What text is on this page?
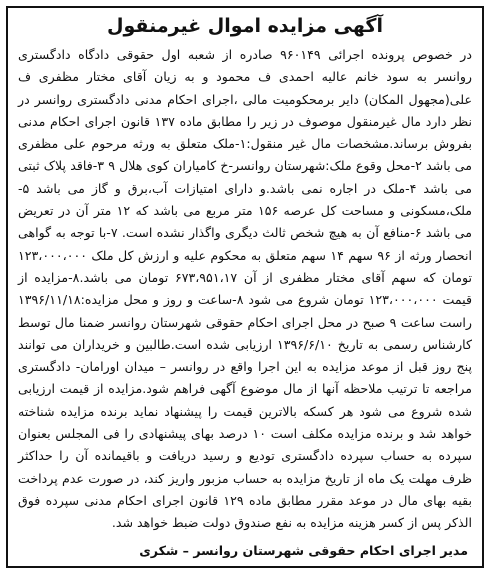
آگهی مزایده اموال غیرمنقول
در خصوص پرونده اجرائی ۹۶۰۱۴۹ صادره از شعبه اول حقوقی دادگاه دادگستری روانسر به سود خانم عالیه احمدی ف محمود و به زیان آقای مختار مظفری ف علی(مجهول المکان) دایر برمحکومیت مالی ،اجرای احکام مدنی دادگستری روانسر در نظر دارد مال غیرمنقول موصوف در زیر را مطابق ماده ۱۳۷ قانون اجرای احکام مدنی بفروش برساند.مشخصات مال غیر منقول:۱-ملک متعلق به ورثه مرحوم علی مظفری می باشد ۲-محل وقوع ملک:شهرستان روانسر-خ کامیاران کوی هلال ۹ ۳-فاقد پلاک ثبتی می باشد ۴-ملک در اجاره نمی باشد.و دارای امتیازات آب،برق و گاز می باشد ۵-ملک،مسکونی و مساحت کل عرصه ۱۵۶ متر مربع می باشد که ۱۲ متر آن در تعریض می باشد ۶-منافع آن به هیچ شخص ثالث دیگری واگذار نشده است. ۷-با توجه به گواهی انحصار ورثه از ۹۶ سهم ۱۴ سهم متعلق به محکوم علیه و ارزش کل ملک ۱۲۳،۰۰۰،۰۰۰ تومان که سهم آقای مختار مظفری از آن ۶۷۳،۹۵۱،۱۷ تومان می باشد.۸-مزایده از قیمت ۱۲۳،۰۰۰،۰۰۰ تومان شروع می شود ۸-ساعت و روز و محل مزایده:۱۳۹۶/۱۱/۱۸ راست ساعت ۹ صبح در محل اجرای احکام حقوقی شهرستان روانسر ضمنا مال توسط کارشناس رسمی به تاریخ ۱۳۹۶/۶/۱۰ ارزیابی شده است.طالبین و خریداران می توانند پنج روز قبل از موعد مزایده به این اجرا واقع در روانسر – میدان اورامان- دادگستری مراجعه تا ترتیب ملاحظه آنها از مال موضوع آگهی فراهم شود.مزایده از قیمت ارزیابی شده شروع می شود هر کسکه بالاترین قیمت را پیشنهاد نماید برنده مزایده شناخته خواهد شد و برنده مزایده مکلف است ۱۰ درصد بهای پیشنهادی را فی المجلس بعنوان سپرده به حساب سپرده دادگستری تودیع و رسید دریافت و باقیمانده آن را حداکثر ظرف مهلت یک ماه از تاریخ مزایده به حساب مزبور واریز کند، در صورت عدم پرداخت بقیه بهای مال در موعد مقرر مطابق ماده ۱۲۹ قانون اجرای احکام مدنی سپرده فوق الذکر پس از کسر هزینه مزایده به نفع صندوق دولت ضبط خواهد شد.
مدیر اجرای احکام حقوقی شهرستان روانسر – شکری
